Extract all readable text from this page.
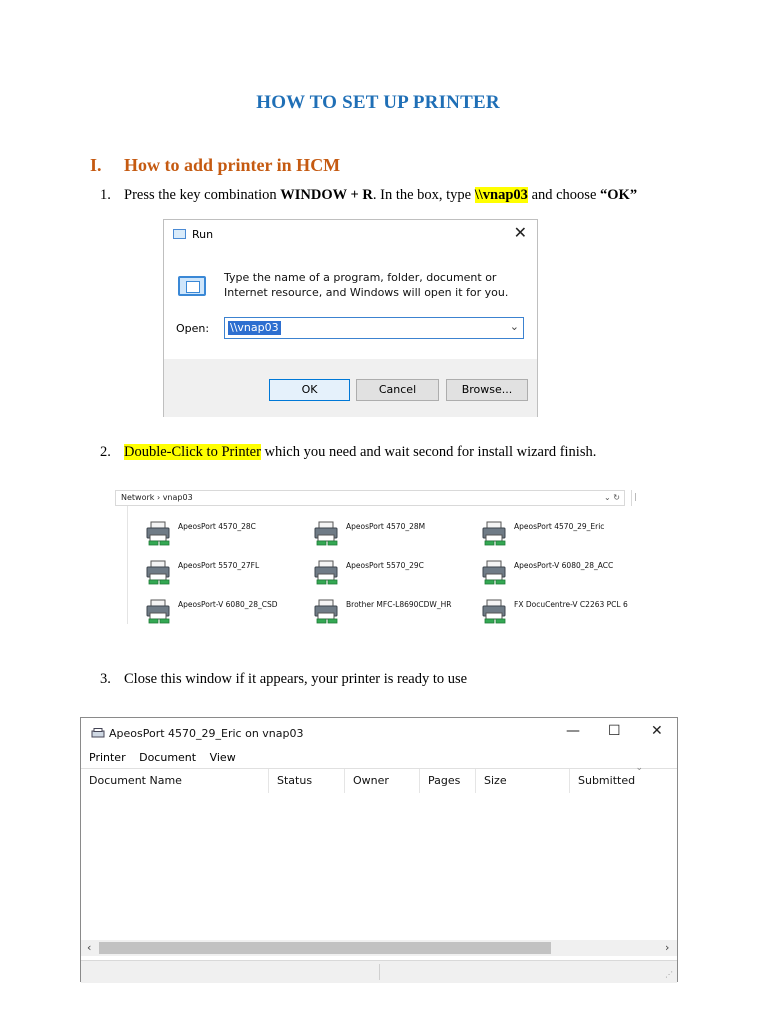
HOW TO SET UP PRINTER
I. How to add printer in HCM
1. Press the key combination WINDOW + R. In the box, type \\vnap03 and choose “OK”
Run	✕
Type the name of a program, folder, document or Internet resource, and Windows will open it for you.
Open: \\vnap03	⌄
OK	Cancel	Browse...
2. Double-Click to Printer which you need and wait second for install wizard finish.
Network › vnap03	⌄ ↻	|
ApeosPort 4570_28C	ApeosPort 4570_28M	ApeosPort 4570_29_Eric
ApeosPort 5570_27FL	ApeosPort 5570_29C	ApeosPort-V 6080_28_ACC
ApeosPort-V 6080_28_CSD	Brother MFC-L8690CDW_HR	FX DocuCentre-V C2263 PCL 6
3. Close this window if it appears, your printer is ready to use
ApeosPort 4570_29_Eric on vnap03	— ☐ ✕
Printer Document View
Document Name	Status	Owner	Pages	Size	Submitted
⌄
‹	›
⋰
